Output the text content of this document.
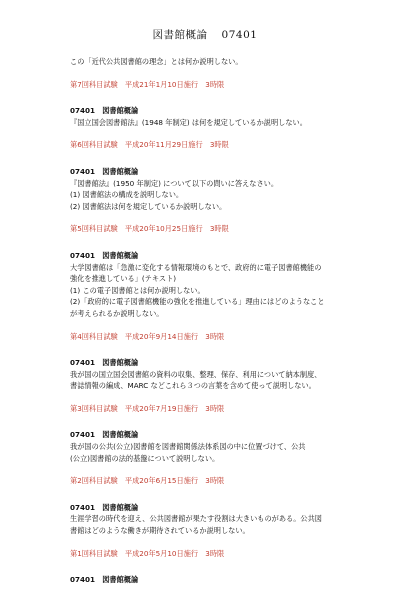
図書館概論 07401
この「近代公共図書館の理念」とは何か説明しない。
第7回科目試験　平成21年1月10日施行　3時限
07401　図書館概論
『国立国会図書館法』(1948 年制定) は何を規定しているか説明しない。
第6回科目試験　平成20年11月29日施行　3時限
07401　図書館概論
『図書館法』(1950 年制定) について以下の問いに答えなさい。
(1) 図書館法の構成を説明しない。
(2) 図書館法は何を規定しているか説明しない。
第5回科目試験　平成20年10月25日施行　3時限
07401　図書館概論
大学図書館は「急激に変化する情報環境のもとで、政府的に電子図書館機能の
強化を推進している」(テキスト)
(1) この電子図書館とは何か説明しない。
(2)「政府的に電子図書館機能の強化を推進している」理由にはどのようなこと
が考えられるか説明しない。
第4回科目試験　平成20年9月14日施行　3時限
07401　図書館概論
我が国の国立国会図書館の資料の収集、整理、保存、利用について納本制度、
書誌情報の編成、MARC などこれら３つの言葉を含めて使って説明しない。
第3回科目試験　平成20年7月19日施行　3時限
07401　図書館概論
我が国の公共(公立)図書館を図書館関係法体系図の中に位置づけて、公共
(公立)図書館の法的基盤について説明しない。
第2回科目試験　平成20年6月15日施行　3時限
07401　図書館概論
生涯学習の時代を迎え、公共図書館が果たす役割は大きいものがある。公共図
書館はどのような働きが期待されているか説明しない。
第1回科目試験　平成20年5月10日施行　3時限
07401　図書館概論
